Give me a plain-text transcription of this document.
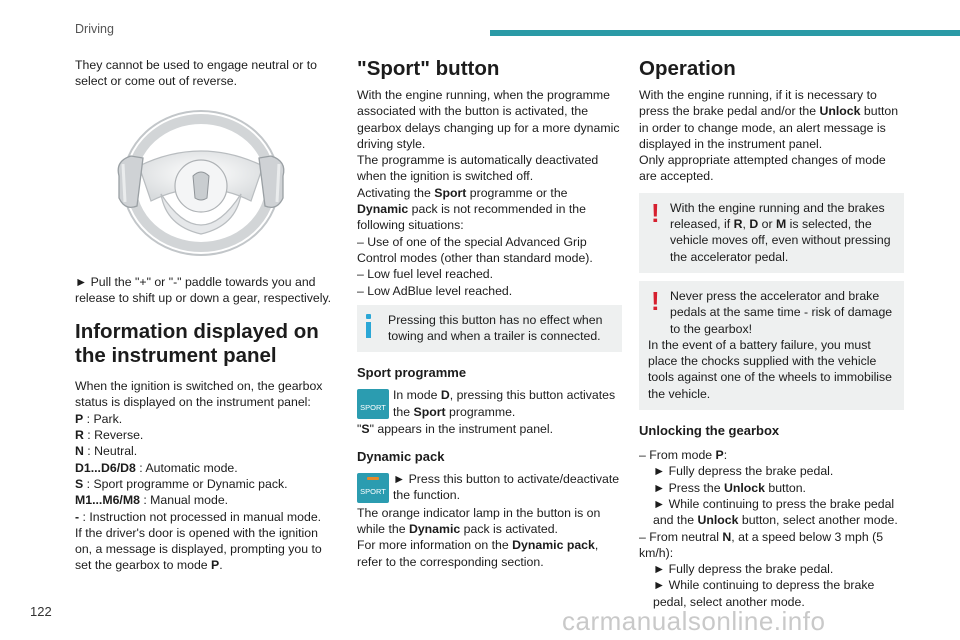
Driving

They cannot be used to engage neutral or to select or come out of reverse.

► Pull the "+" or "-" paddle towards you and release to shift up or down a gear, respectively.

Information displayed on the instrument panel

When the ignition is switched on, the gearbox status is displayed on the instrument panel:

P : Park.

R : Reverse.

N : Neutral.

D1...D6/D8 : Automatic mode.

S : Sport programme or Dynamic pack.

M1...M6/M8 : Manual mode.

- : Instruction not processed in manual mode.

If the driver's door is opened with the ignition on, a message is displayed, prompting you to set the gearbox to mode P.

"Sport" button

With the engine running, when the programme associated with the button is activated, the gearbox delays changing up for a more dynamic driving style.

The programme is automatically deactivated when the ignition is switched off.

Activating the Sport programme or the Dynamic pack is not recommended in the following situations:

– Use of one of the special Advanced Grip Control modes (other than standard mode).

– Low fuel level reached.

– Low AdBlue level reached.

Pressing this button has no effect when towing and when a trailer is connected.
Sport programme
SPORT

In mode D, pressing this button activates the Sport programme.

"S" appears in the instrument panel.

Dynamic pack
SPORT

► Press this button to activate/deactivate the function.

The orange indicator lamp in the button is on while the Dynamic pack is activated.

For more information on the Dynamic pack, refer to the corresponding section.

Operation

With the engine running, if it is necessary to press the brake pedal and/or the Unlock button in order to change mode, an alert message is displayed in the instrument panel.

Only appropriate attempted changes of mode are accepted.

! With the engine running and the brakes released, if R, D or M is selected, the vehicle moves off, even without pressing the accelerator pedal.

! Never press the accelerator and brake pedals at the same time - risk of damage to the gearbox!

In the event of a battery failure, you must place the chocks supplied with the vehicle tools against one of the wheels to immobilise the vehicle.

Unlocking the gearbox

– From mode P:

► Fully depress the brake pedal.

► Press the Unlock button.

► While continuing to press the brake pedal and the Unlock button, select another mode.

– From neutral N, at a speed below 3 mph (5 km/h):

► Fully depress the brake pedal.

► While continuing to depress the brake pedal, select another mode.

122	carmanualsonline.info
